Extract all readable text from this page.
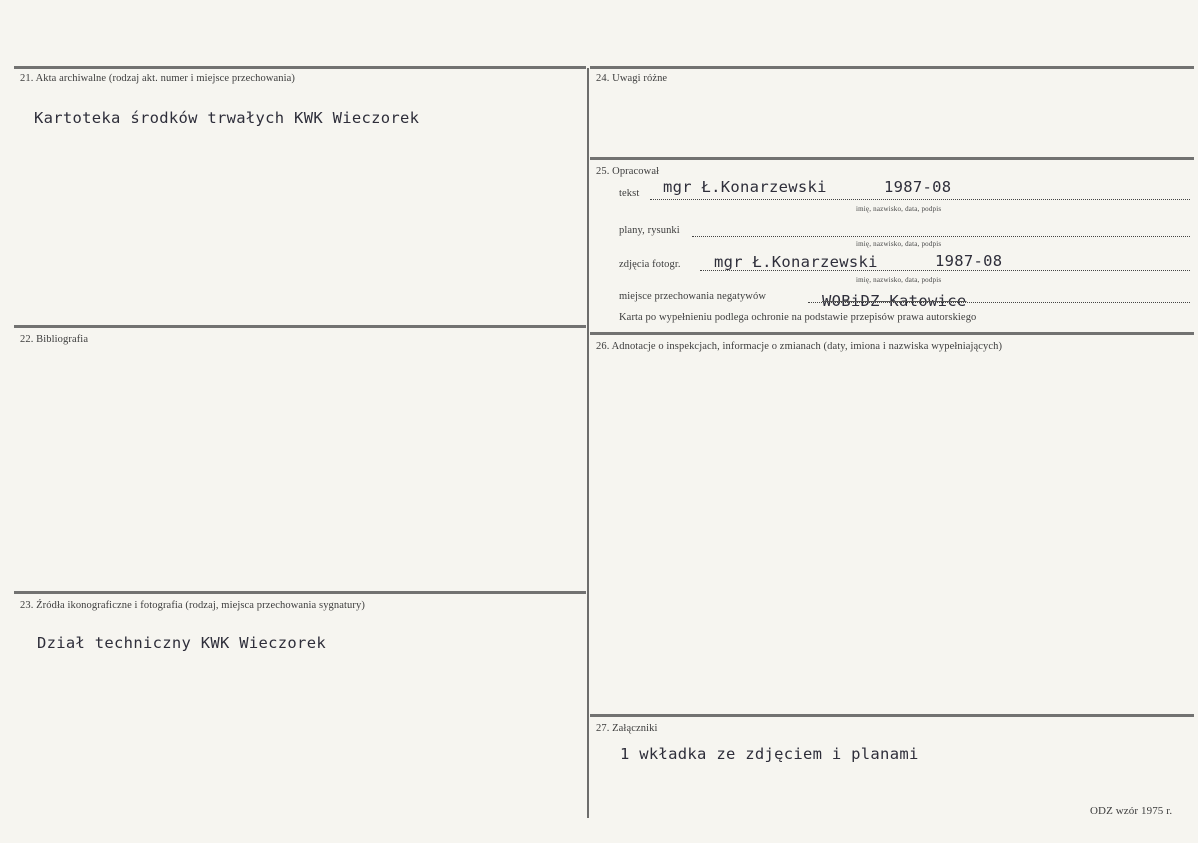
21. Akta archiwalne (rodzaj akt. numer i miejsce przechowania)
Kartoteka środków trwałych KWK Wieczorek
22. Bibliografia
23. Źródła ikonograficzne i fotografia (rodzaj, miejsca przechowania sygnatury)
Dział techniczny KWK Wieczorek
24. Uwagi różne
25. Opracował
tekst mgr Ł.Konarzewski	1987-08
imię, nazwisko, data, podpis
plany, rysunki
imię, nazwisko, data, podpis
zdjęcia fotogr. mgr Ł.Konarzewski	1987-08
imię, nazwisko, data, podpis
miejsce przechowania negatywów	WOBiDZ Katowice
Karta po wypełnieniu podlega ochronie na podstawie przepisów prawa autorskiego
26. Adnotacje o inspekcjach, informacje o zmianach (daty, imiona i nazwiska wypełniających)
27. Załączniki
1 wkładka ze zdjęciem i planami
ODZ wzór 1975 r.
